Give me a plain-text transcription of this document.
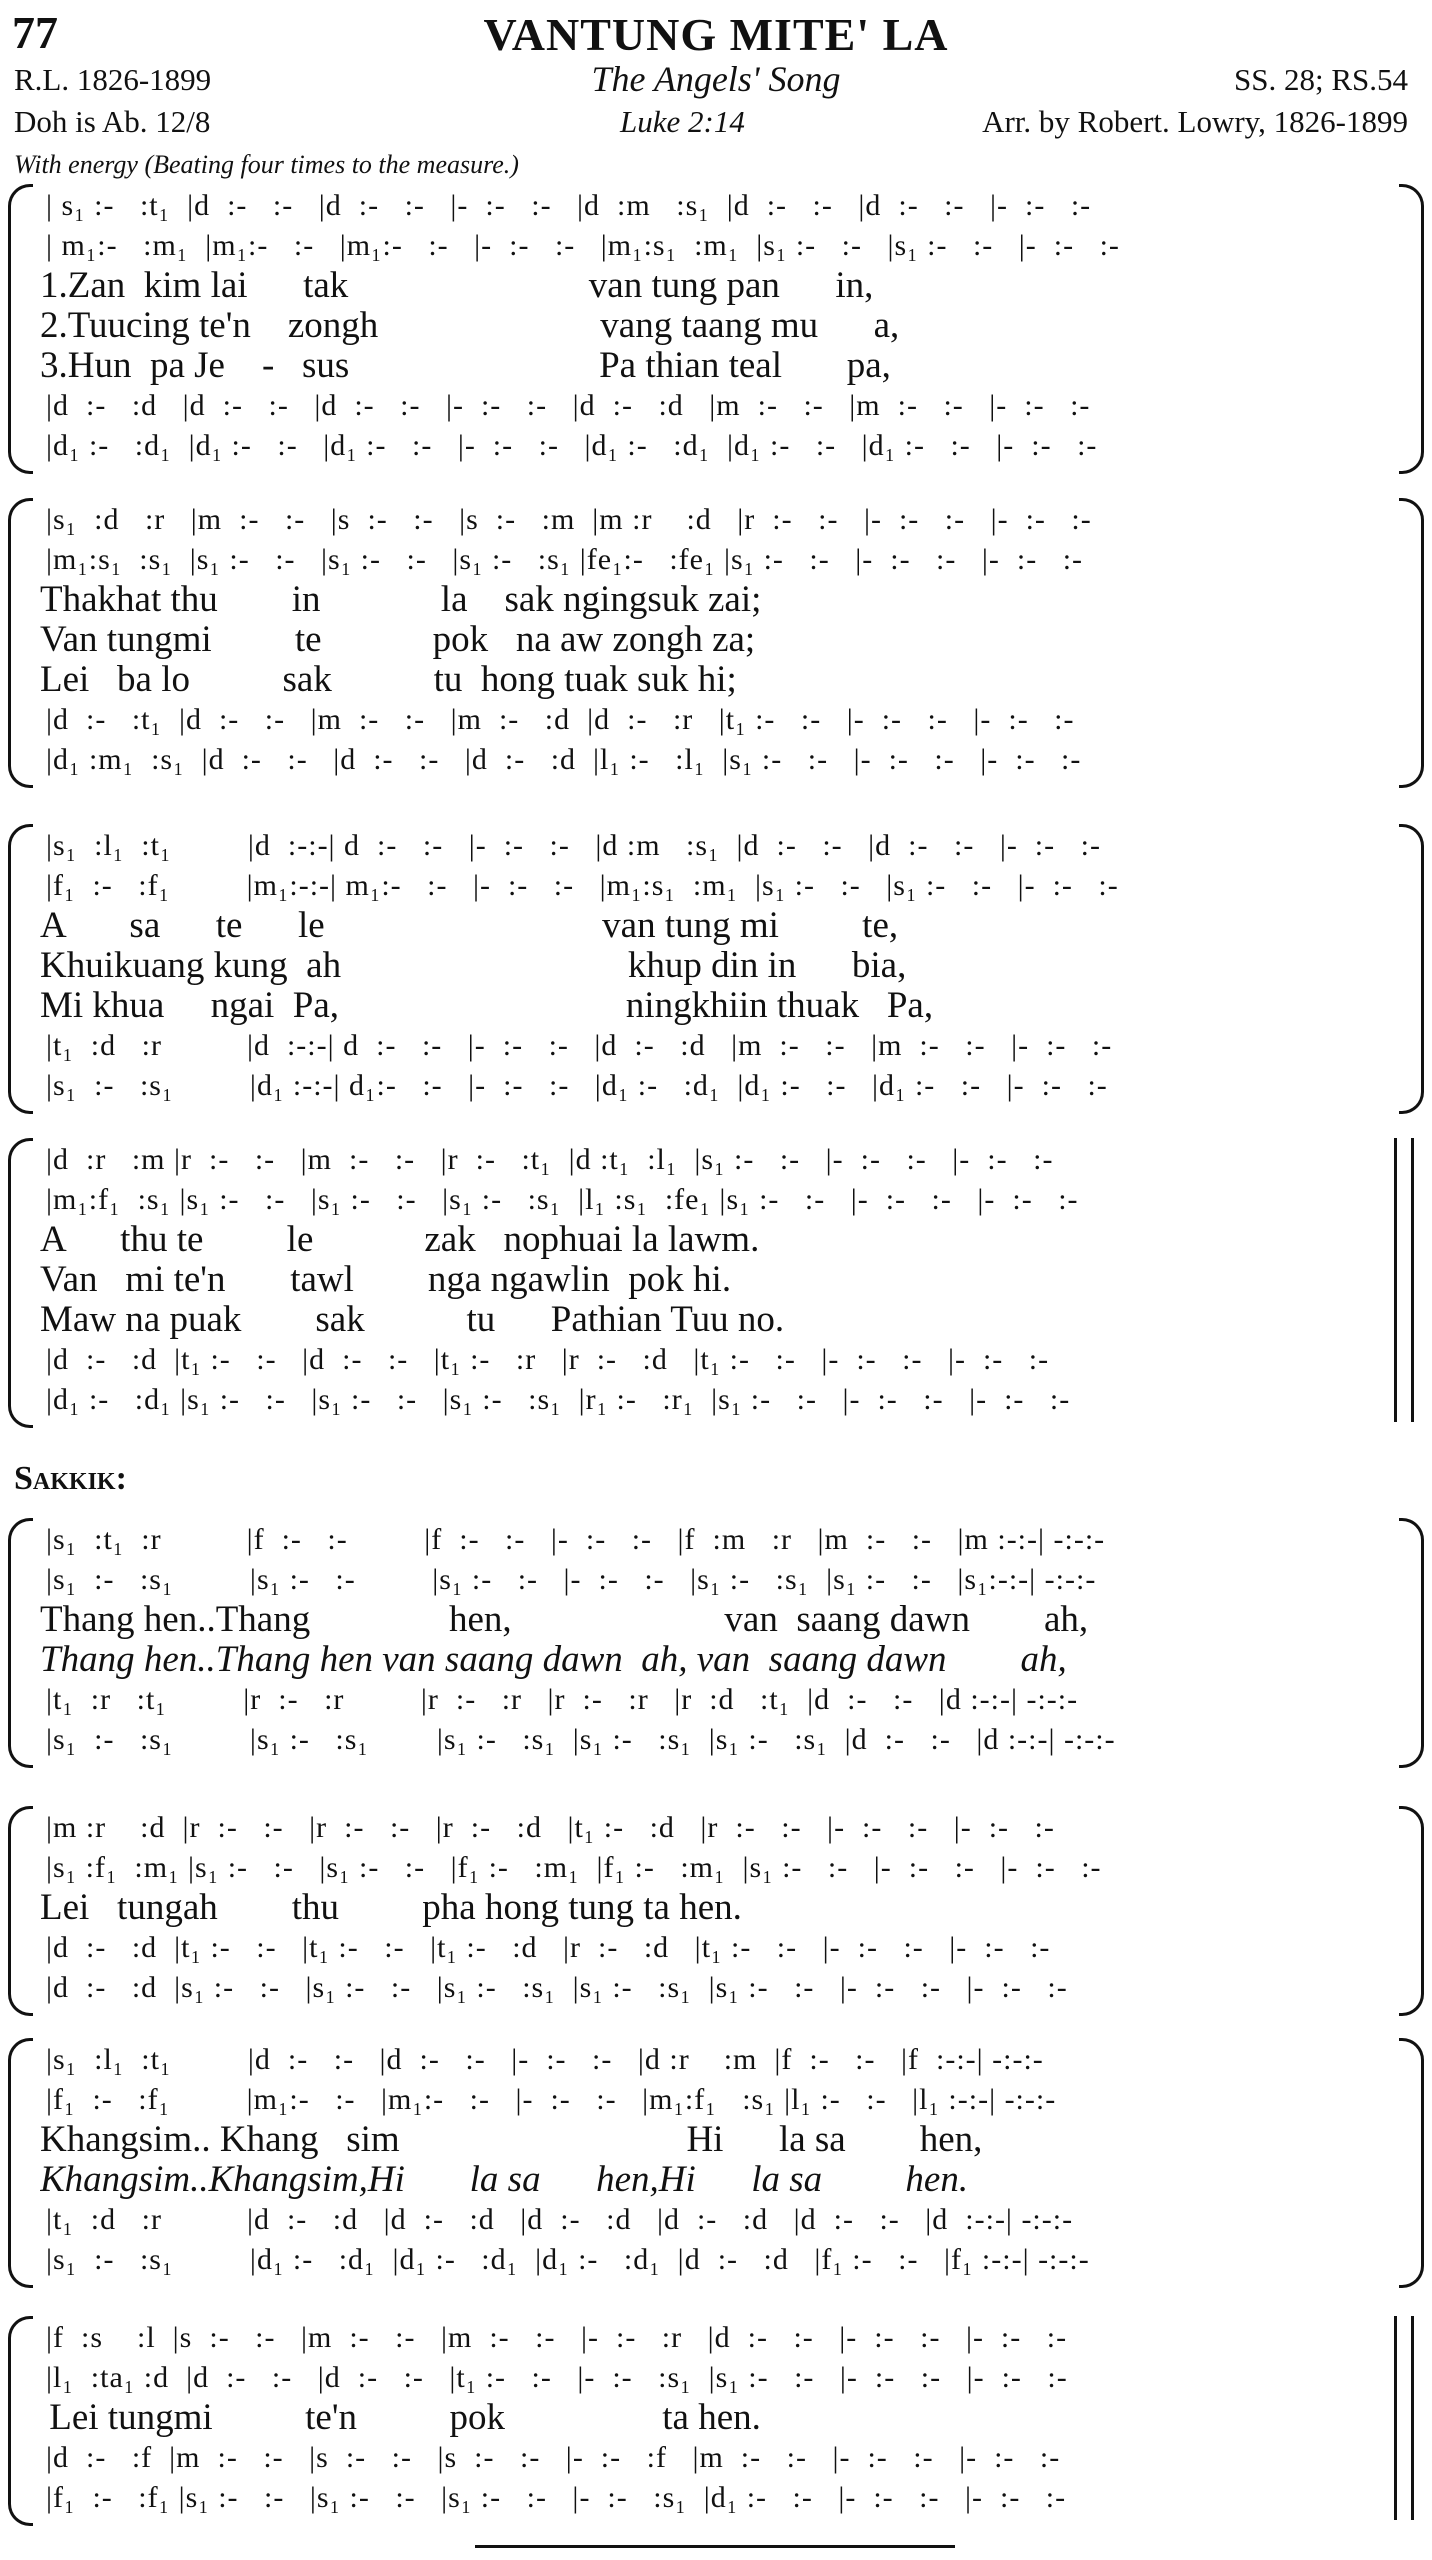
77	VANTUNG MITE' LA
R.L. 1826-1899	The Angels' Song	SS. 28; RS.54
Doh is Ab. 12/8	Luke 2:14	Arr. by Robert. Lowry, 1826-1899
With energy (Beating four times to the measure.)
Sakkik:
| s₁ :-   :t₁  |d  :-   :-   |d  :-   :-   |-  :-   :-   |d  :m   :s₁  |d  :-   :-   |d  :-   :-   |-  :-   :-
| m₁:-   :m₁  |m₁:-   :-   |m₁:-   :-   |-  :-   :-   |m₁:s₁  :m₁  |s₁ :-   :-   |s₁ :-   :-   |-  :-   :-
1.Zan  kim lai      tak                          van tung pan      in,
2.Tuucing te'n    zongh                        vang taang mu      a,
3.Hun  pa Je    -   sus                           Pa thian teal       pa,
|d  :-   :d   |d  :-   :-   |d  :-   :-   |-  :-   :-   |d  :-   :d   |m  :-   :-   |m  :-   :-   |-  :-   :-
|d₁ :-   :d₁  |d₁ :-   :-   |d₁ :-   :-   |-  :-   :-   |d₁ :-   :d₁  |d₁ :-   :-   |d₁ :-   :-   |-  :-   :-
|s₁  :d   :r   |m  :-   :-   |s  :-   :-   |s  :-   :m  |m :r    :d   |r  :-   :-   |-  :-   :-   |-  :-   :-
|m₁:s₁  :s₁  |s₁ :-   :-   |s₁ :-   :-   |s₁ :-   :s₁ |fe₁:-   :fe₁ |s₁ :-   :-   |-  :-   :-   |-  :-   :-
Thakhat thu        in             la    sak ngingsuk zai;
Van tungmi         te            pok   na aw zongh za;
Lei   ba lo          sak           tu  hong tuak suk hi;
|d  :-   :t₁  |d  :-   :-   |m  :-   :-   |m  :-   :d  |d  :-   :r   |t₁ :-   :-   |-  :-   :-   |-  :-   :-
|d₁ :m₁  :s₁  |d  :-   :-   |d  :-   :-   |d  :-   :d  |l₁ :-   :l₁  |s₁ :-   :-   |-  :-   :-   |-  :-   :-
|s₁  :l₁  :t₁         |d  :-:-| d  :-   :-   |-  :-   :-   |d :m   :s₁  |d  :-   :-   |d  :-   :-   |-  :-   :-
|f₁  :-   :f₁         |m₁:-:-| m₁:-   :-   |-  :-   :-   |m₁:s₁  :m₁  |s₁ :-   :-   |s₁ :-   :-   |-  :-   :-
A       sa      te      le                              van tung mi         te,
Khuikuang kung  ah                               khup din in      bia,
Mi khua     ngai  Pa,                               ningkhiin thuak   Pa,
|t₁  :d   :r          |d  :-:-| d  :-   :-   |-  :-   :-   |d  :-   :d   |m  :-   :-   |m  :-   :-   |-  :-   :-
|s₁  :-   :s₁         |d₁ :-:-| d₁:-   :-   |-  :-   :-   |d₁ :-   :d₁  |d₁ :-   :-   |d₁ :-   :-   |-  :-   :-
|d  :r   :m |r  :-   :-   |m  :-   :-   |r  :-   :t₁  |d :t₁  :l₁  |s₁ :-   :-   |-  :-   :-   |-  :-   :-
|m₁:f₁  :s₁ |s₁ :-   :-   |s₁ :-   :-   |s₁ :-   :s₁  |l₁ :s₁  :fe₁ |s₁ :-   :-   |-  :-   :-   |-  :-   :-
A      thu te         le            zak   nophuai la lawm.
Van   mi te'n       tawl        nga ngawlin  pok hi.
Maw na puak        sak           tu      Pathian Tuu no.
|d  :-   :d  |t₁ :-   :-   |d  :-   :-   |t₁ :-   :r   |r  :-   :d   |t₁ :-   :-   |-  :-   :-   |-  :-   :-
|d₁ :-   :d₁ |s₁ :-   :-   |s₁ :-   :-   |s₁ :-   :s₁  |r₁ :-   :r₁  |s₁ :-   :-   |-  :-   :-   |-  :-   :-
|s₁  :t₁  :r          |f  :-   :-         |f  :-   :-   |-  :-   :-   |f  :m   :r   |m  :-   :-   |m :-:-| -:-:-
|s₁  :-   :s₁         |s₁ :-   :-         |s₁ :-   :-   |-  :-   :-   |s₁ :-   :s₁  |s₁ :-   :-   |s₁:-:-| -:-:-
Thang hen..Thang               hen,                       van  saang dawn        ah,
Thang hen..Thang hen van saang dawn  ah, van  saang dawn        ah,
|t₁  :r   :t₁         |r  :-   :r         |r  :-   :r   |r  :-   :r   |r  :d   :t₁  |d  :-   :-   |d :-:-| -:-:-
|s₁  :-   :s₁         |s₁ :-   :s₁        |s₁ :-   :s₁  |s₁ :-   :s₁  |s₁ :-   :s₁  |d  :-   :-   |d :-:-| -:-:-
|m :r    :d  |r  :-   :-   |r  :-   :-   |r  :-   :d   |t₁ :-   :d   |r  :-   :-   |-  :-   :-   |-  :-   :-
|s₁ :f₁  :m₁ |s₁ :-   :-   |s₁ :-   :-   |f₁ :-   :m₁  |f₁ :-   :m₁  |s₁ :-   :-   |-  :-   :-   |-  :-   :-
Lei   tungah        thu         pha hong tung ta hen.
|d  :-   :d  |t₁ :-   :-   |t₁ :-   :-   |t₁ :-   :d   |r  :-   :d   |t₁ :-   :-   |-  :-   :-   |-  :-   :-
|d  :-   :d  |s₁ :-   :-   |s₁ :-   :-   |s₁ :-   :s₁  |s₁ :-   :s₁  |s₁ :-   :-   |-  :-   :-   |-  :-   :-
|s₁  :l₁  :t₁         |d  :-   :-   |d  :-   :-   |-  :-   :-   |d :r    :m  |f  :-   :-   |f  :-:-| -:-:-
|f₁  :-   :f₁         |m₁:-   :-   |m₁:-   :-   |-  :-   :-   |m₁:f₁   :s₁ |l₁ :-   :-   |l₁ :-:-| -:-:-
Khangsim.. Khang   sim                               Hi      la sa        hen,
Khangsim..Khangsim,Hi       la sa      hen,Hi      la sa         hen.
|t₁  :d   :r          |d  :-   :d   |d  :-   :d   |d  :-   :d   |d  :-   :d   |d  :-   :-   |d  :-:-| -:-:-
|s₁  :-   :s₁         |d₁ :-   :d₁  |d₁ :-   :d₁  |d₁ :-   :d₁  |d  :-   :d   |f₁ :-   :-   |f₁ :-:-| -:-:-
|f  :s    :l  |s  :-   :-   |m  :-   :-   |m  :-   :-   |-  :-   :r   |d  :-   :-   |-  :-   :-   |-  :-   :-
|l₁  :ta₁ :d  |d  :-   :-   |d  :-   :-   |t₁ :-   :-   |-  :-   :s₁  |s₁ :-   :-   |-  :-   :-   |-  :-   :-
Lei tungmi          te'n          pok                 ta hen.
|d  :-   :f  |m  :-   :-   |s  :-   :-   |s  :-   :-   |-  :-   :f   |m  :-   :-   |-  :-   :-   |-  :-   :-
|f₁  :-   :f₁ |s₁ :-   :-   |s₁ :-   :-   |s₁ :-   :-   |-  :-   :s₁  |d₁ :-   :-   |-  :-   :-   |-  :-   :-
